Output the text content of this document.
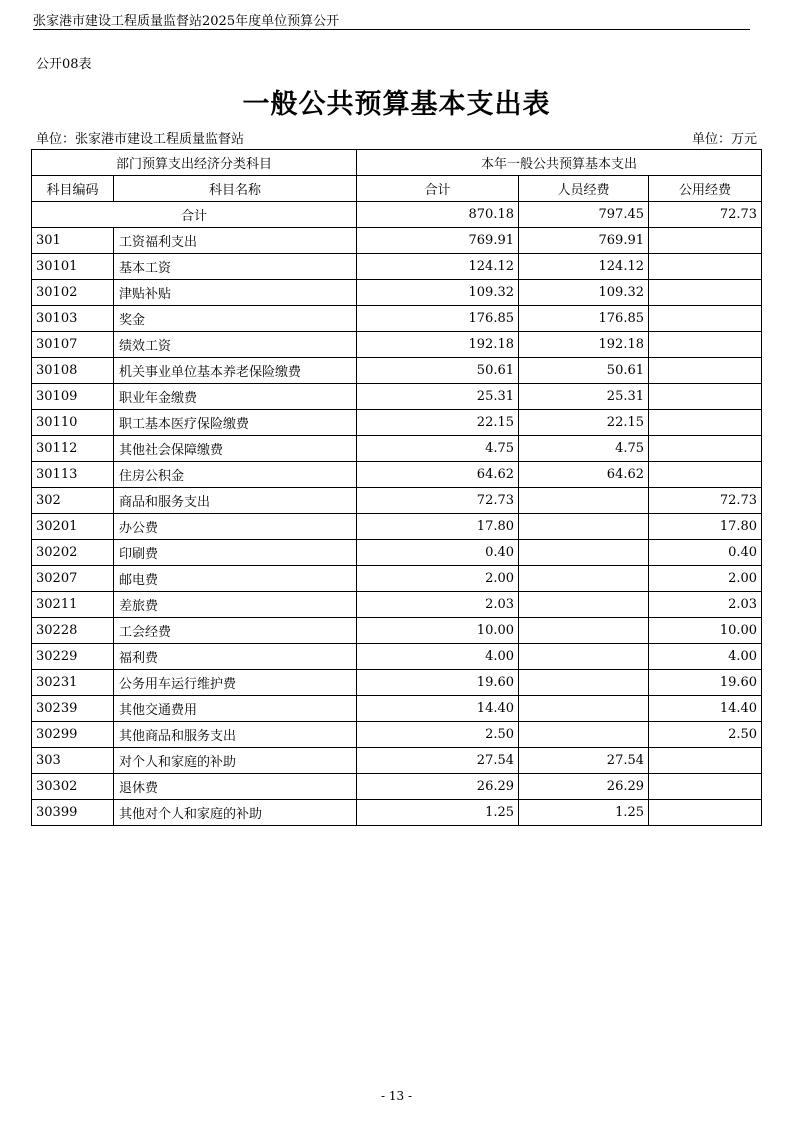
张家港市建设工程质量监督站2025年度单位预算公开
公开08表
一般公共预算基本支出表
单位：张家港市建设工程质量监督站	单位：万元
部门预算支出经济分类科目		本年一般公共预算基本支出		
科目编码	科目名称	合计	人员经费	公用经费
合计		870.18	797.45	72.73
301	工资福利支出	769.91	769.91	
30101	基本工资	124.12	124.12	
30102	津贴补贴	109.32	109.32	
30103	奖金	176.85	176.85	
30107	绩效工资	192.18	192.18	
30108	机关事业单位基本养老保险缴费	50.61	50.61	
30109	职业年金缴费	25.31	25.31	
30110	职工基本医疗保险缴费	22.15	22.15	
30112	其他社会保障缴费	4.75	4.75	
30113	住房公积金	64.62	64.62	
302	商品和服务支出	72.73		72.73
30201	办公费	17.80		17.80
30202	印刷费	0.40		0.40
30207	邮电费	2.00		2.00
30211	差旅费	2.03		2.03
30228	工会经费	10.00		10.00
30229	福利费	4.00		4.00
30231	公务用车运行维护费	19.60		19.60
30239	其他交通费用	14.40		14.40
30299	其他商品和服务支出	2.50		2.50
303	对个人和家庭的补助	27.54	27.54	
30302	退休费	26.29	26.29	
30399	其他对个人和家庭的补助	1.25	1.25	
- 13 -
